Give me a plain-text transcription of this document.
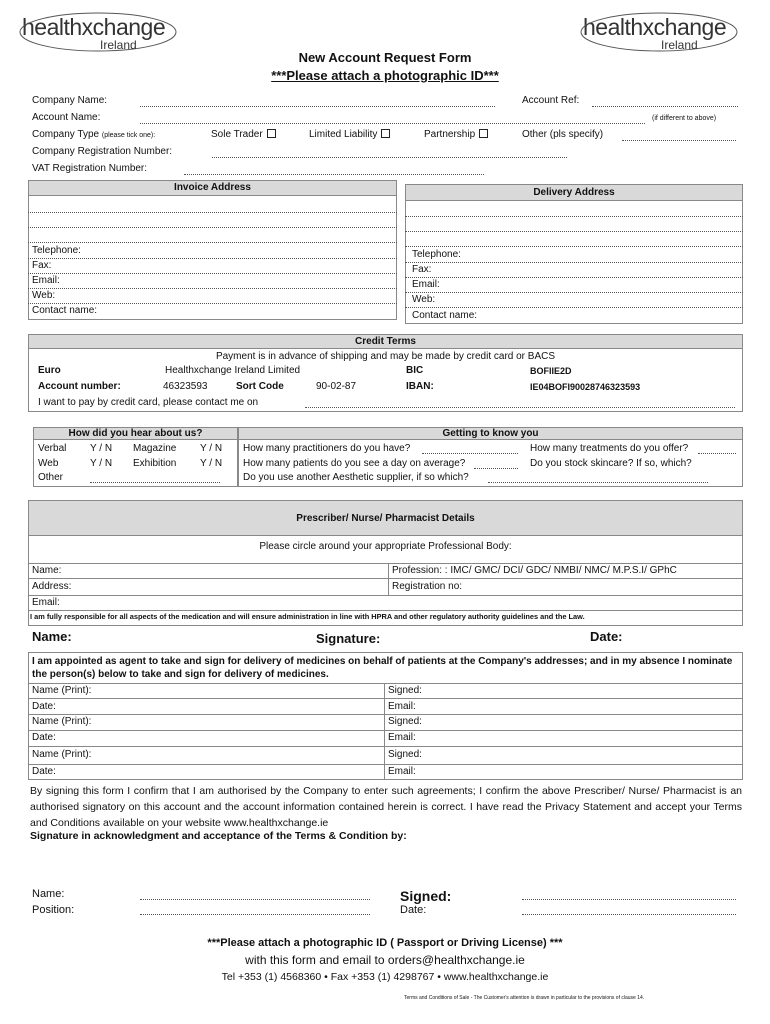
healthxchange
Ireland
healthxchange
Ireland
New Account Request Form
***Please attach a photographic ID***
Company Name:	Account Ref:
Account Name:	(if different to above)
Company Type (please tick one):	Sole Trader	Limited Liability	Partnership	Other (pls specify)
Company Registration Number:
VAT Registration Number:
Invoice Address
Telephone:
Fax:
Email:
Web:
Contact name:
Delivery Address
Telephone:
Fax:
Email:
Web:
Contact name:
Credit Terms
Payment is in advance of shipping and may be made by credit card or BACS
Euro	Healthxchange Ireland Limited	BIC	BOFIIE2D
Account number:	46323593	Sort Code	90-02-87	IBAN:	IE04BOFI90028746323593
I want to pay by credit card, please contact me on
How did you hear about us?
Verbal Y / N Magazine Y / N
Web	Y / N Exhibition Y / N
Other
Getting to know you
How many practitioners do you have?	How many treatments do you offer?
How many patients do you see a day on average?	Do you stock skincare? If so, which?
Do you use another Aesthetic supplier, if so which?
Prescriber/ Nurse/ Pharmacist Details
Please circle around your appropriate Professional Body:
Name:	Profession: : IMC/ GMC/ DCI/ GDC/ NMBI/ NMC/ M.P.S.I/ GPhC
Address:	Registration no:
Email:
I am fully responsible for all aspects of the medication and will ensure administration in line with HPRA and other regulatory authority guidelines and the Law.
Name:	Signature:	Date:
I am appointed as agent to take and sign for delivery of medicines on behalf of patients at the Company's addresses; and in my absence I nominate the person(s) below to take and sign for delivery of medicines.
Name (Print):	Signed:
Date:	Email:
Name (Print):	Signed:
Date:	Email:
Name (Print):	Signed:
Date:	Email:
By signing this form I confirm that I am authorised by the Company to enter such agreements; I confirm the above Prescriber/ Nurse/ Pharmacist is an authorised signatory on this account and the account information contained herein is correct. I have read the Privacy Statement and accept your Terms and Conditions available on your website www.healthxchange.ie
Signature in acknowledgment and acceptance of the Terms & Condition by:
Name:
Position:
Signed:
Date:
***Please attach a photographic ID ( Passport or Driving License) ***
with this form and email to orders@healthxchange.ie
Tel +353 (1) 4568360 • Fax +353 (1) 4298767 • www.healthxchange.ie
Terms and Conditions of Sale - The Customer's attention is drawn in particular to the provisions of clause 14.
